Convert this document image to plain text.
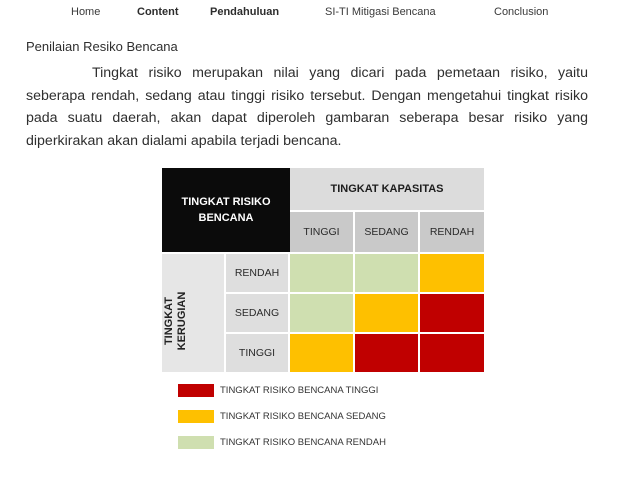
Home	Content	Pendahuluan	SI-TI Mitigasi Bencana	Conclusion
Penilaian Resiko Bencana

Tingkat risiko merupakan nilai yang dicari pada pemetaan risiko, yaitu seberapa rendah, sedang atau tinggi risiko tersebut. Dengan mengetahui tingkat risiko pada suatu daerah, akan dapat diperoleh gambaran seberapa besar risiko yang diperkirakan akan dialami apabila terjadi bencana.

TINGKAT RISIKO BENCANA
TINGKAT KAPASITAS
TINGGI	SEDANG	RENDAH
TINGKAT KERUGIAN
RENDAH
SEDANG
TINGGI
TINGKAT RISIKO BENCANA TINGGI
TINGKAT RISIKO BENCANA SEDANG
TINGKAT RISIKO BENCANA RENDAH
